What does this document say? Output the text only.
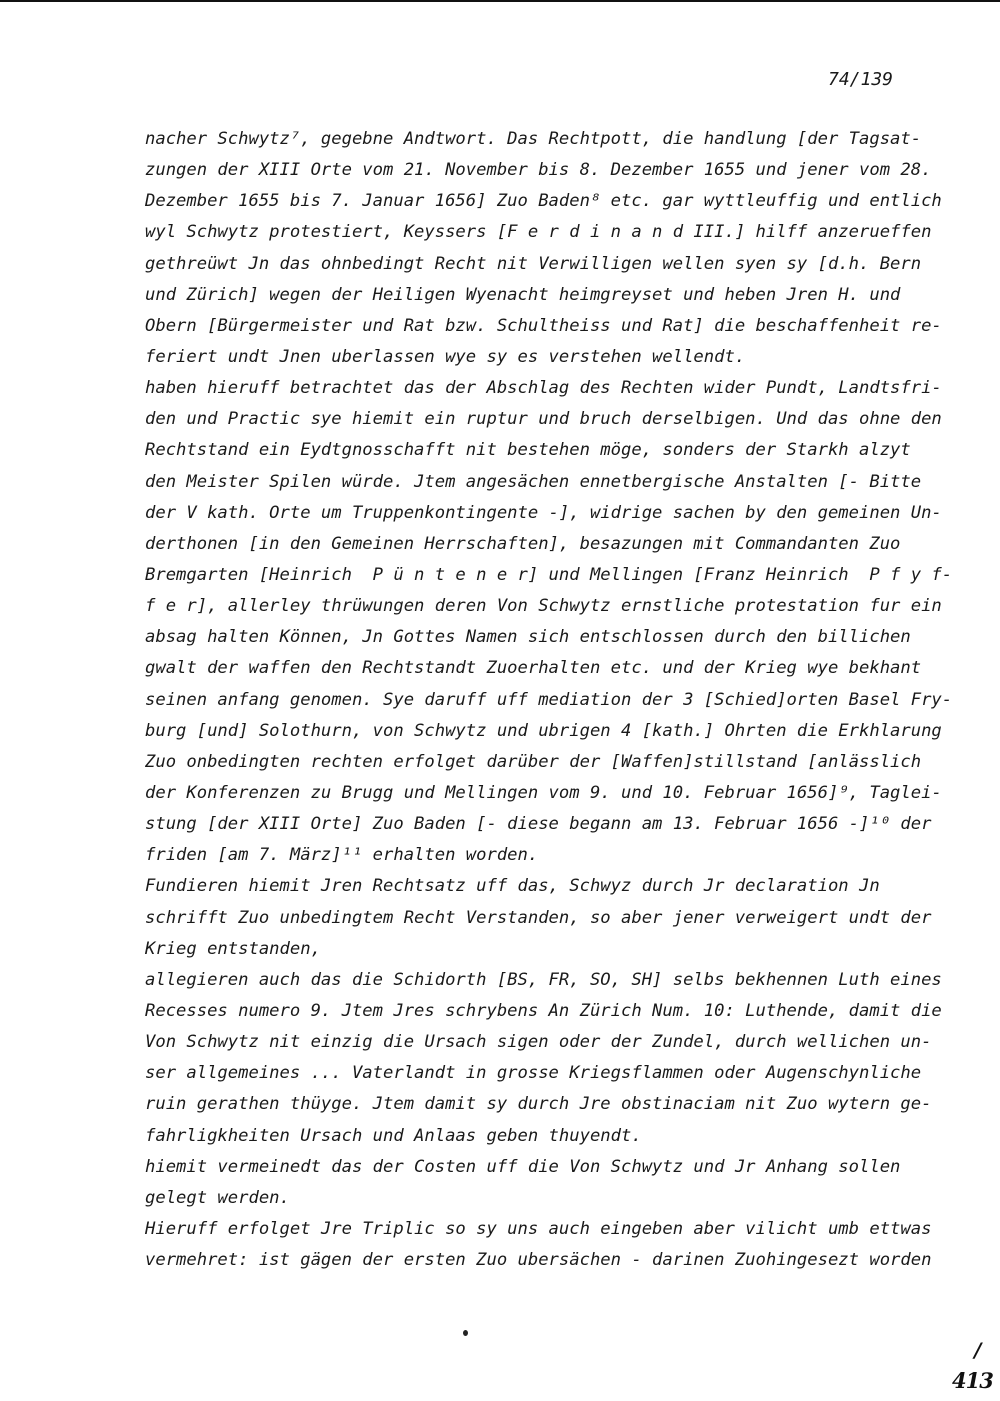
74/139

nacher Schwytz⁷, gegebne Andtwort. Das Rechtpott, die handlung [der Tagsat-
zungen der XIII Orte vom 21. November bis 8. Dezember 1655 und jener vom 28.
Dezember 1655 bis 7. Januar 1656] Zuo Baden⁸ etc. gar wyttleuffig und entlich
wyl Schwytz protestiert, Keyssers [F e r d i n a n d III.] hilff anzerueffen
gethreüwt Jn das ohnbedingt Recht nit Verwilligen wellen syen sy [d.h. Bern
und Zürich] wegen der Heiligen Wyenacht heimgreyset und heben Jren H. und
Obern [Bürgermeister und Rat bzw. Schultheiss und Rat] die beschaffenheit re-
feriert undt Jnen uberlassen wye sy es verstehen wellendt.
haben hieruff betrachtet das der Abschlag des Rechten wider Pundt, Landtsfri-
den und Practic sye hiemit ein ruptur und bruch derselbigen. Und das ohne den
Rechtstand ein Eydtgnosschafft nit bestehen möge, sonders der Starkh alzyt
den Meister Spilen würde. Jtem angesächen ennetbergische Anstalten [- Bitte
der V kath. Orte um Truppenkontingente -], widrige sachen by den gemeinen Un-
derthonen [in den Gemeinen Herrschaften], besazungen mit Commandanten Zuo
Bremgarten [Heinrich  P ü n t e n e r] und Mellingen [Franz Heinrich  P f y f-
f e r], allerley thrüwungen deren Von Schwytz ernstliche protestation fur ein
absag halten Können, Jn Gottes Namen sich entschlossen durch den billichen
gwalt der waffen den Rechtstandt Zuoerhalten etc. und der Krieg wye bekhant
seinen anfang genomen. Sye daruff uff mediation der 3 [Schied]orten Basel Fry-
burg [und] Solothurn, von Schwytz und ubrigen 4 [kath.] Ohrten die Erkhlarung
Zuo onbedingten rechten erfolget darüber der [Waffen]stillstand [anlässlich
der Konferenzen zu Brugg und Mellingen vom 9. und 10. Februar 1656]⁹, Taglei-
stung [der XIII Orte] Zuo Baden [- diese begann am 13. Februar 1656 -]¹⁰ der
friden [am 7. März]¹¹ erhalten worden.
Fundieren hiemit Jren Rechtsatz uff das, Schwyz durch Jr declaration Jn
schrifft Zuo unbedingtem Recht Verstanden, so aber jener verweigert undt der
Krieg entstanden,
allegieren auch das die Schidorth [BS, FR, SO, SH] selbs bekhennen Luth eines
Recesses numero 9. Jtem Jres schrybens An Zürich Num. 10: Luthende, damit die
Von Schwytz nit einzig die Ursach sigen oder der Zundel, durch wellichen un-
ser allgemeines ... Vaterlandt in grosse Kriegsflammen oder Augenschynliche
ruin gerathen thüyge. Jtem damit sy durch Jre obstinaciam nit Zuo wytern ge-
fahrligkheiten Ursach und Anlaas geben thuyendt.
hiemit vermeinedt das der Costen uff die Von Schwytz und Jr Anhang sollen
gelegt werden.
Hieruff erfolget Jre Triplic so sy uns auch eingeben aber vilicht umb ettwas
vermehret: ist gägen der ersten Zuo ubersächen - darinen Zuohingesezt worden
/
413
